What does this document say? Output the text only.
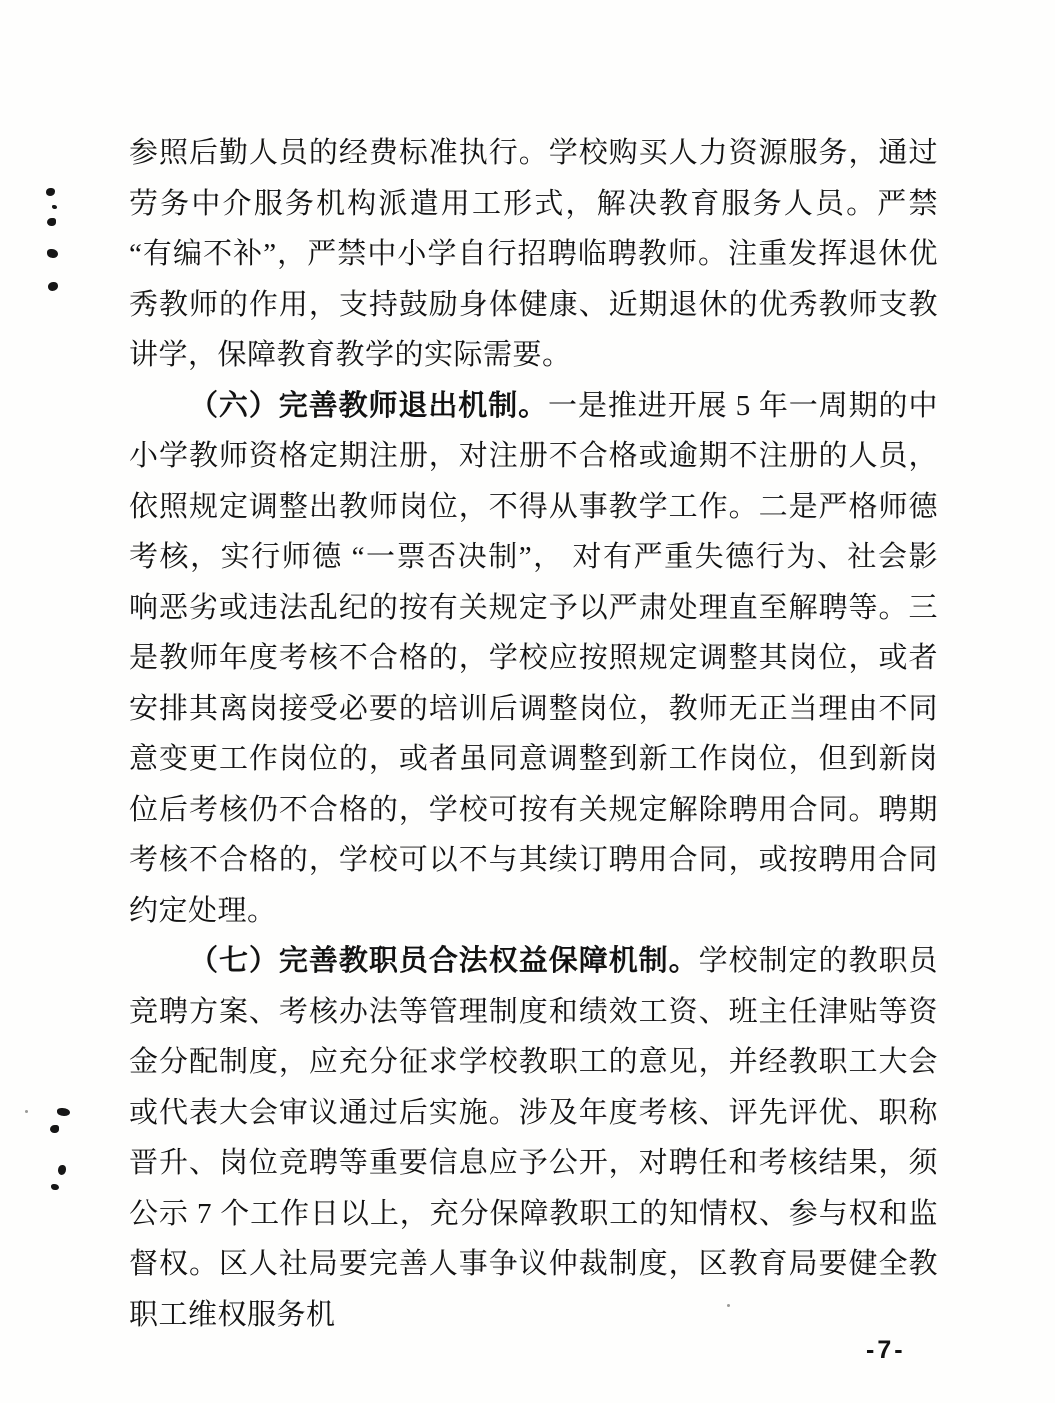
参照后勤人员的经费标准执行。学校购买人力资源服务，通过劳务中介服务机构派遣用工形式，解决教育服务人员。严禁“有编不补”，严禁中小学自行招聘临聘教师。注重发挥退休优秀教师的作用，支持鼓励身体健康、近期退休的优秀教师支教讲学，保障教育教学的实际需要。

（六）完善教师退出机制。一是推进开展 5 年一周期的中小学教师资格定期注册，对注册不合格或逾期不注册的人员，依照规定调整出教师岗位，不得从事教学工作。二是严格师德考核，实行师德 “一票否决制”， 对有严重失德行为、社会影响恶劣或违法乱纪的按有关规定予以严肃处理直至解聘等。三是教师年度考核不合格的，学校应按照规定调整其岗位，或者安排其离岗接受必要的培训后调整岗位，教师无正当理由不同意变更工作岗位的，或者虽同意调整到新工作岗位，但到新岗位后考核仍不合格的，学校可按有关规定解除聘用合同。聘期考核不合格的，学校可以不与其续订聘用合同，或按聘用合同约定处理。

（七）完善教职员合法权益保障机制。学校制定的教职员竞聘方案、考核办法等管理制度和绩效工资、班主任津贴等资金分配制度，应充分征求学校教职工的意见，并经教职工大会或代表大会审议通过后实施。涉及年度考核、评先评优、职称晋升、岗位竞聘等重要信息应予公开，对聘任和考核结果，须公示 7 个工作日以上，充分保障教职工的知情权、参与权和监督权。区人社局要完善人事争议仲裁制度，区教育局要健全教职工维权服务机

-7-
